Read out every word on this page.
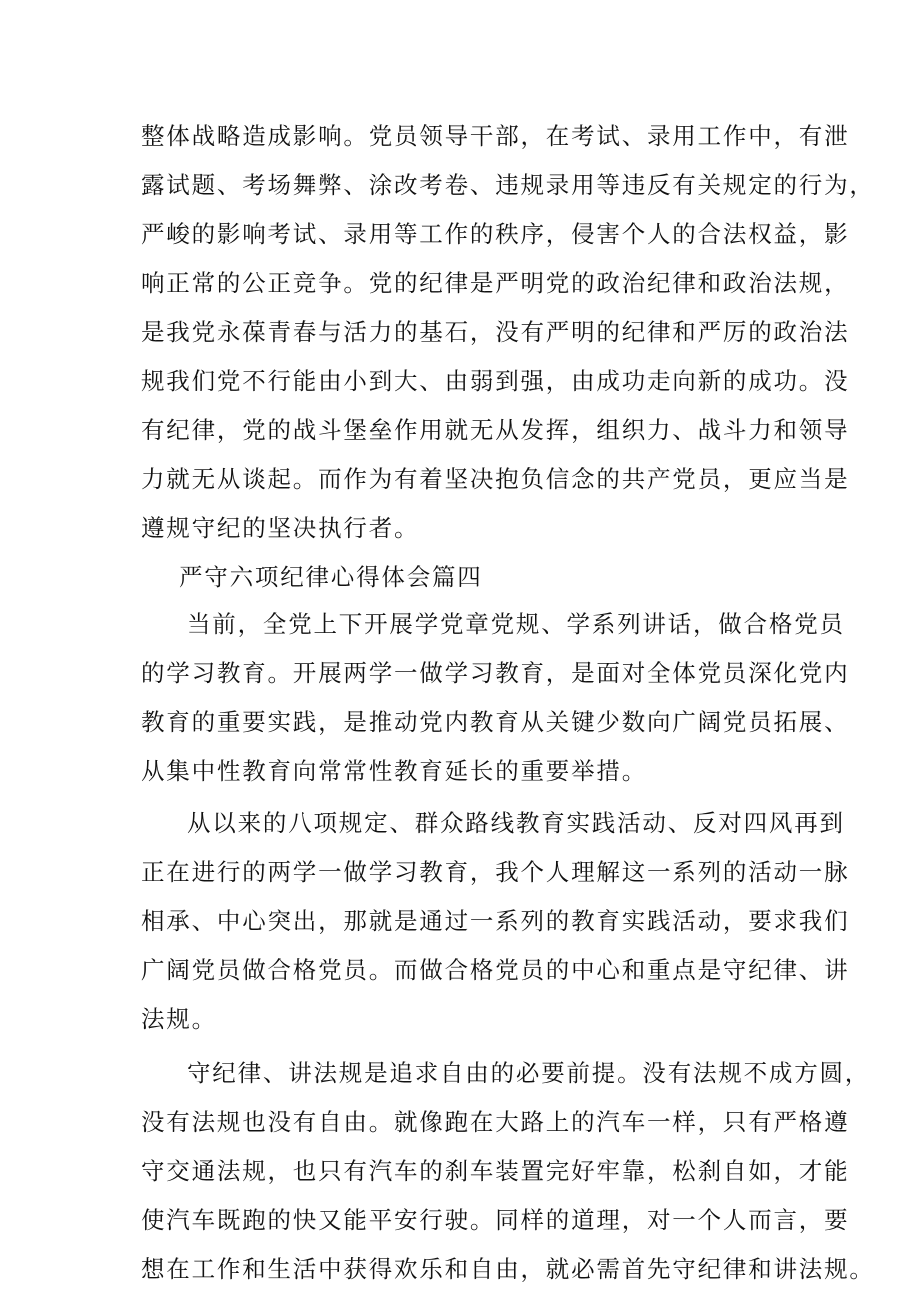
整体战略造成影响。党员领导干部，在考试、录用工作中，有泄
露试题、考场舞弊、涂改考卷、违规录用等违反有关规定的行为，
严峻的影响考试、录用等工作的秩序，侵害个人的合法权益，影
响正常的公正竞争。党的纪律是严明党的政治纪律和政治法规，
是我党永葆青春与活力的基石，没有严明的纪律和严厉的政治法
规我们党不行能由小到大、由弱到强，由成功走向新的成功。没
有纪律，党的战斗堡垒作用就无从发挥，组织力、战斗力和领导
力就无从谈起。而作为有着坚决抱负信念的共产党员，更应当是
遵规守纪的坚决执行者。
严守六项纪律心得体会篇四
当前，全党上下开展学党章党规、学系列讲话，做合格党员
的学习教育。开展两学一做学习教育，是面对全体党员深化党内
教育的重要实践，是推动党内教育从关键少数向广阔党员拓展、
从集中性教育向常常性教育延长的重要举措。
从以来的八项规定、群众路线教育实践活动、反对四风再到
正在进行的两学一做学习教育，我个人理解这一系列的活动一脉
相承、中心突出，那就是通过一系列的教育实践活动，要求我们
广阔党员做合格党员。而做合格党员的中心和重点是守纪律、讲
法规。
守纪律、讲法规是追求自由的必要前提。没有法规不成方圆，
没有法规也没有自由。就像跑在大路上的汽车一样，只有严格遵
守交通法规，也只有汽车的刹车装置完好牢靠，松刹自如，才能
使汽车既跑的快又能平安行驶。同样的道理，对一个人而言，要
想在工作和生活中获得欢乐和自由，就必需首先守纪律和讲法规。
